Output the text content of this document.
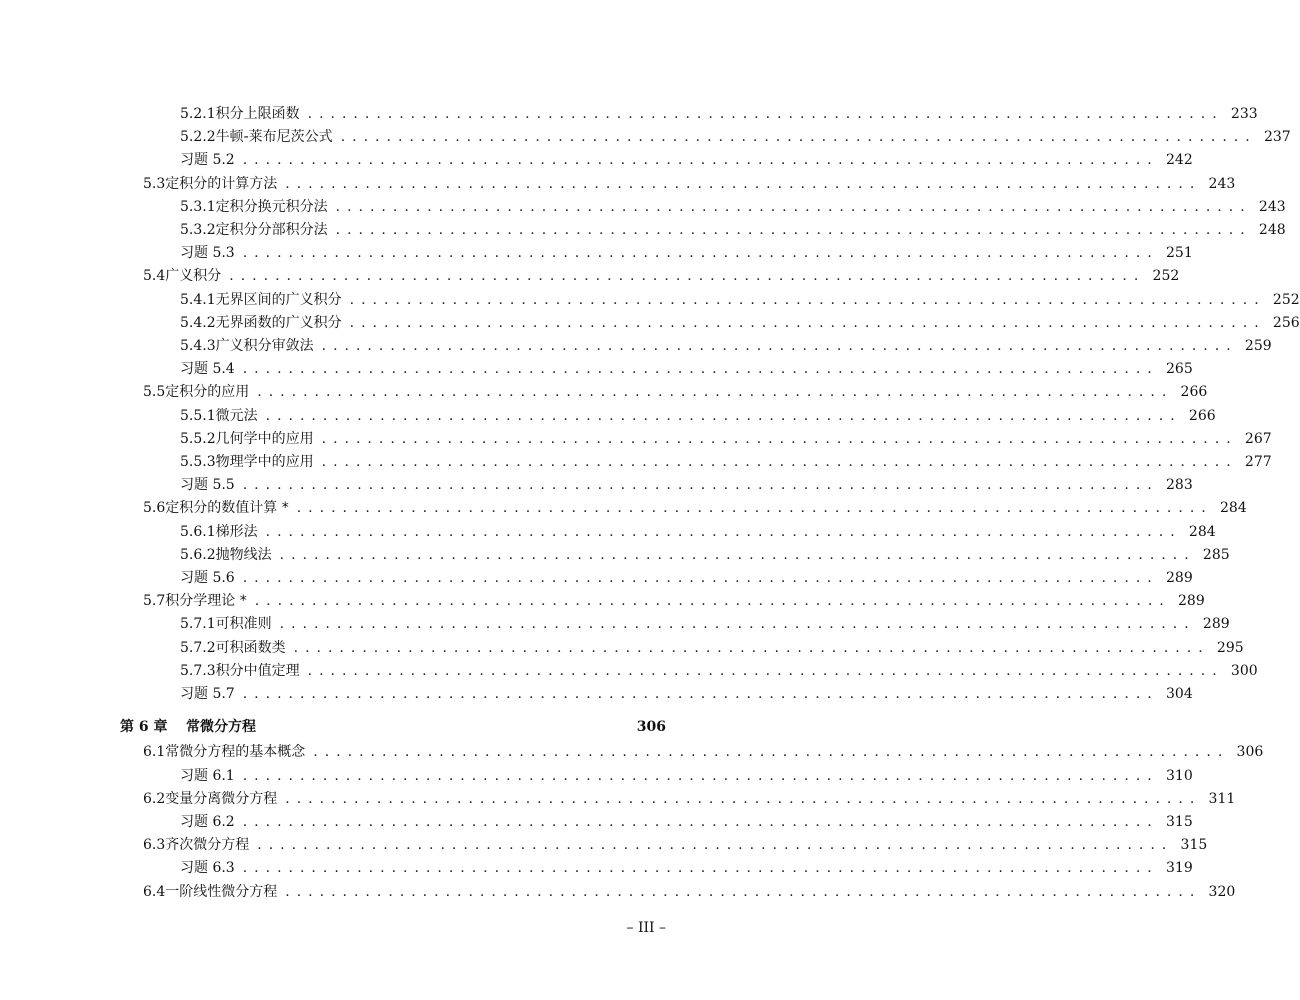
5.2.1 积分上限函数 ................................................................................ 233
5.2.2 牛顿-莱布尼茨公式 ................................................................................ 237
习题 5.2 ................................................................................ 242
5.3 定积分的计算方法 ................................................................................ 243
5.3.1 定积分换元积分法 ................................................................................ 243
5.3.2 定积分分部积分法 ................................................................................ 248
习题 5.3 ................................................................................ 251
5.4 广义积分 ................................................................................ 252
5.4.1 无界区间的广义积分 ................................................................................ 252
5.4.2 无界函数的广义积分 ................................................................................ 256
5.4.3 广义积分审敛法 ................................................................................ 259
习题 5.4 ................................................................................ 265
5.5 定积分的应用 ................................................................................ 266
5.5.1 微元法 ................................................................................ 266
5.5.2 几何学中的应用 ................................................................................ 267
5.5.3 物理学中的应用 ................................................................................ 277
习题 5.5 ................................................................................ 283
5.6 定积分的数值计算 * ................................................................................ 284
5.6.1 梯形法 ................................................................................ 284
5.6.2 抛物线法 ................................................................................ 285
习题 5.6 ................................................................................ 289
5.7 积分学理论 * ................................................................................ 289
5.7.1 可积准则 ................................................................................ 289
5.7.2 可积函数类 ................................................................................ 295
5.7.3 积分中值定理 ................................................................................ 300
习题 5.7 ................................................................................ 304
第 6 章	常微分方程	306
6.1 常微分方程的基本概念 ................................................................................ 306
习题 6.1 ................................................................................ 310
6.2 变量分离微分方程 ................................................................................ 311
习题 6.2 ................................................................................ 315
6.3 齐次微分方程 ................................................................................ 315
习题 6.3 ................................................................................ 319
6.4 一阶线性微分方程 ................................................................................ 320
– III –
